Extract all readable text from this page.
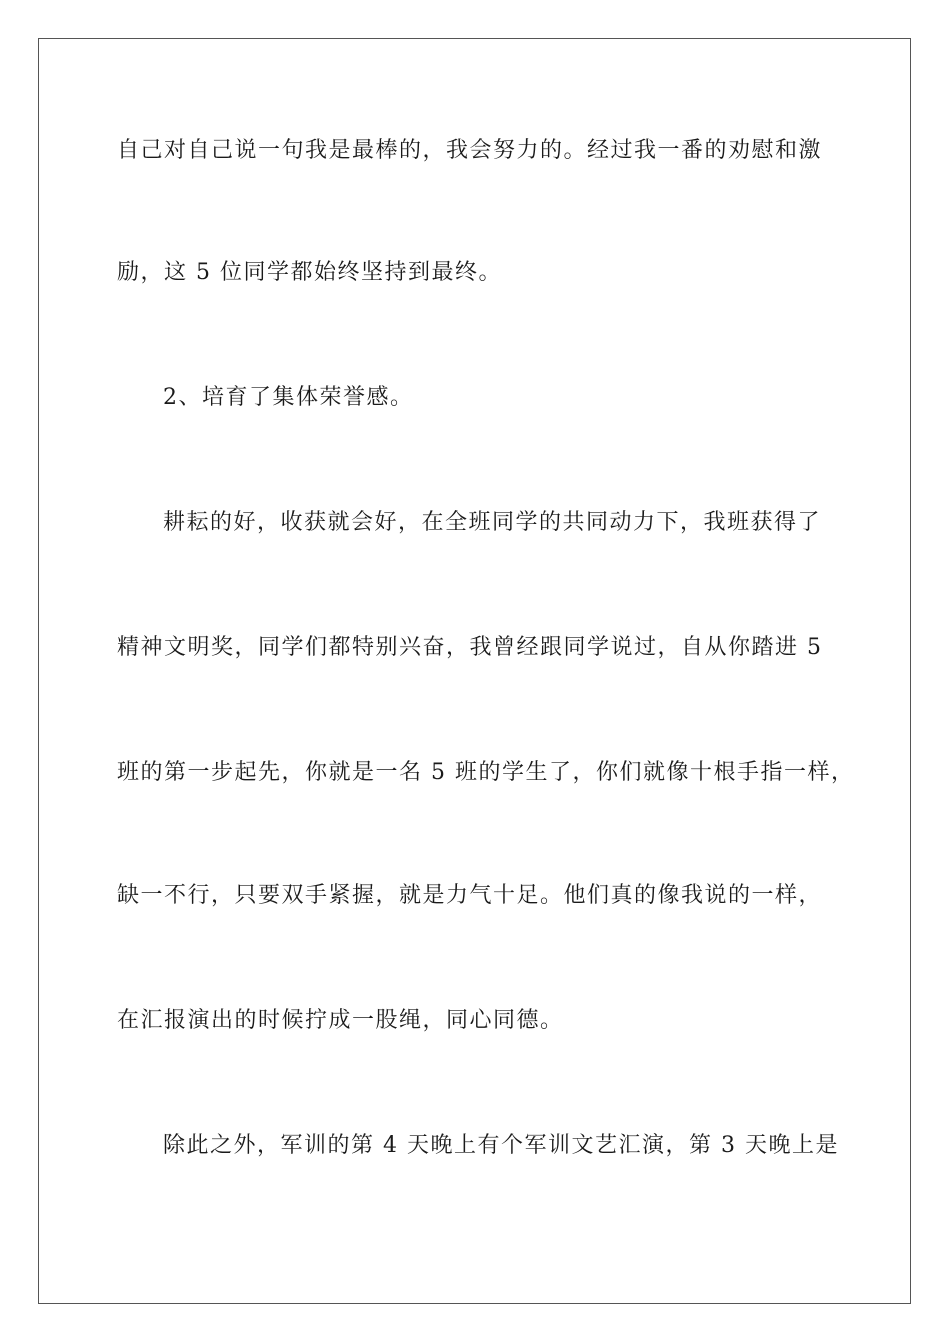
自己对自己说一句我是最棒的，我会努力的。经过我一番的劝慰和激
励，这 5 位同学都始终坚持到最终。
2、培育了集体荣誉感。
耕耘的好，收获就会好，在全班同学的共同动力下，我班获得了
精神文明奖，同学们都特别兴奋，我曾经跟同学说过，自从你踏进 5
班的第一步起先，你就是一名 5 班的学生了，你们就像十根手指一样，
缺一不行，只要双手紧握，就是力气十足。他们真的像我说的一样，
在汇报演出的时候拧成一股绳，同心同德。
除此之外，军训的第 4 天晚上有个军训文艺汇演，第 3 天晚上是
